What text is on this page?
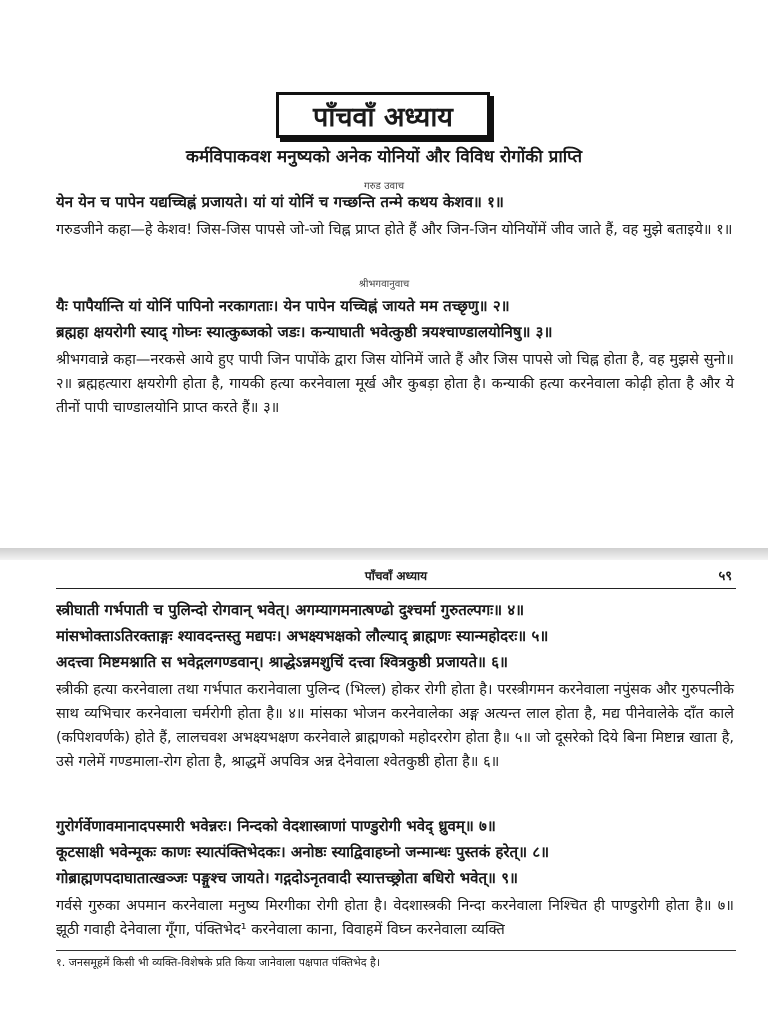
पाँचवाँ अध्याय
कर्मविपाकवश मनुष्यको अनेक योनियों और विविध रोगोंकी प्राप्ति
गरुड उवाच
येन येन च पापेन यद्यच्चिह्नं प्रजायते। यां यां योनिं च गच्छन्ति तन्मे कथय केशव॥ १॥
गरुडजीने कहा—हे केशव! जिस-जिस पापसे जो-जो चिह्न प्राप्त होते हैं और जिन-जिन योनियोंमें जीव जाते हैं, वह मुझे बताइये॥ १॥
श्रीभगवानुवाच
यैः पापैर्यान्ति यां योनिं पापिनो नरकागताः। येन पापेन यच्चिह्नं जायते मम तच्छृणु॥ २॥
ब्रह्महा क्षयरोगी स्याद् गोघ्नः स्यात्कुब्जको जडः। कन्याघाती भवेत्कुष्ठी त्रयश्चाण्डालयोनिषु॥ ३॥
श्रीभगवान्ने कहा—नरकसे आये हुए पापी जिन पापोंके द्वारा जिस योनिमें जाते हैं और जिस पापसे जो चिह्न होता है, वह मुझसे सुनो॥ २॥ ब्रह्महत्यारा क्षयरोगी होता है, गायकी हत्या करनेवाला मूर्ख और कुबड़ा होता है। कन्याकी हत्या करनेवाला कोढ़ी होता है और ये तीनों पापी चाण्डालयोनि प्राप्त करते हैं॥ ३॥
पाँचवाँ अध्याय	५९
स्त्रीघाती गर्भपाती च पुलिन्दो रोगवान् भवेत्। अगम्यागमनात्षण्ढो दुश्चर्मा गुरुतल्पगः॥ ४॥
मांसभोक्ताऽतिरक्ताङ्गः श्यावदन्तस्तु मद्यपः। अभक्ष्यभक्षको लौल्याद् ब्राह्मणः स्यान्महोदरः॥ ५॥
अदत्त्वा मिष्टमश्नाति स भवेद्गलगण्डवान्। श्राद्धेऽन्नमशुचिं दत्त्वा श्वित्रकुष्ठी प्रजायते॥ ६॥
स्त्रीकी हत्या करनेवाला तथा गर्भपात करानेवाला पुलिन्द (भिल्ल) होकर रोगी होता है। परस्त्रीगमन करनेवाला नपुंसक और गुरुपत्नीके साथ व्यभिचार करनेवाला चर्मरोगी होता है॥ ४॥ मांसका भोजन करनेवालेका अङ्ग अत्यन्त लाल होता है, मद्य पीनेवालेके दाँत काले (कपिशवर्णके) होते हैं, लालचवश अभक्ष्यभक्षण करनेवाले ब्राह्मणको महोदररोग होता है॥ ५॥ जो दूसरेको दिये बिना मिष्टान्न खाता है, उसे गलेमें गण्डमाला-रोग होता है, श्राद्धमें अपवित्र अन्न देनेवाला श्वेतकुष्ठी होता है॥ ६॥
गुरोर्गर्वेणावमानादपस्मारी भवेन्नरः। निन्दको वेदशास्त्राणां पाण्डुरोगी भवेद् ध्रुवम्॥ ७॥
कूटसाक्षी भवेन्मूकः काणः स्यात्पंक्तिभेदकः। अनोष्ठः स्याद्विवाहघ्नो जन्मान्धः पुस्तकं हरेत्॥ ८॥
गोब्राह्मणपदाघातात्खञ्जः पङ्गुश्च जायते। गद्गदोऽनृतवादी स्यात्तच्छ्रोता बधिरो भवेत्॥ ९॥
गर्वसे गुरुका अपमान करनेवाला मनुष्य मिरगीका रोगी होता है। वेदशास्त्रकी निन्दा करनेवाला निश्चित ही पाण्डुरोगी होता है॥ ७॥ झूठी गवाही देनेवाला गूँगा, पंक्तिभेद¹ करनेवाला काना, विवाहमें विघ्न करनेवाला व्यक्ति
१. जनसमूहमें किसी भी व्यक्ति-विशेषके प्रति किया जानेवाला पक्षपात पंक्तिभेद है।
